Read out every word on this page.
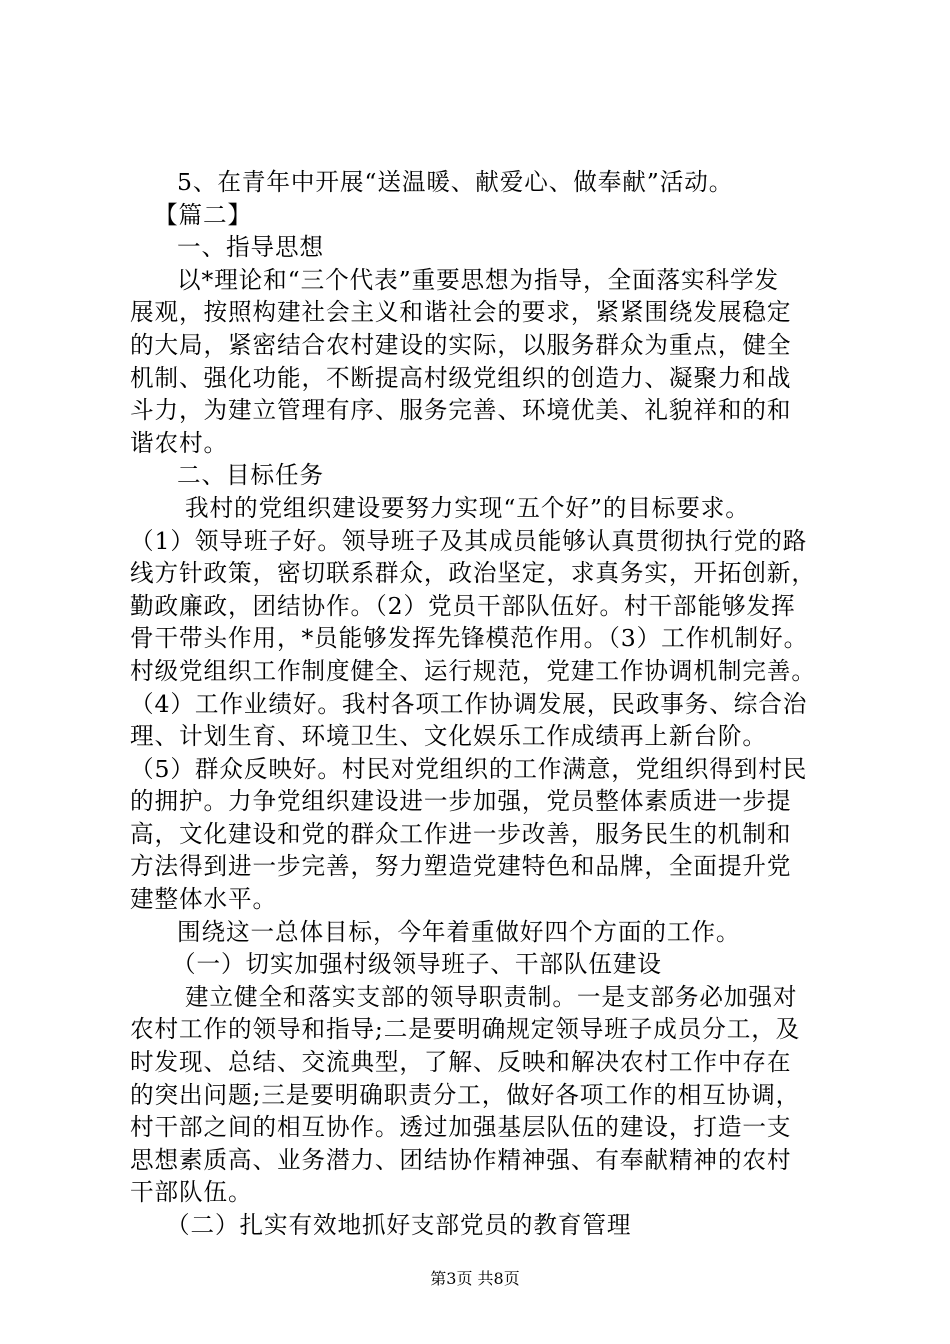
5、在青年中开展“送温暖、献爱心、做奉献”活动。
【篇二】
一、指导思想
以*理论和“三个代表”重要思想为指导，全面落实科学发
展观，按照构建社会主义和谐社会的要求，紧紧围绕发展稳定
的大局，紧密结合农村建设的实际，以服务群众为重点，健全
机制、强化功能，不断提高村级党组织的创造力、凝聚力和战
斗力，为建立管理有序、服务完善、环境优美、礼貌祥和的和
谐农村。
二、目标任务
我村的党组织建设要努力实现“五个好”的目标要求。
（1）领导班子好。领导班子及其成员能够认真贯彻执行党的路
线方针政策，密切联系群众，政治坚定，求真务实，开拓创新，
勤政廉政，团结协作。（2）党员干部队伍好。村干部能够发挥
骨干带头作用，*员能够发挥先锋模范作用。（3）工作机制好。
村级党组织工作制度健全、运行规范，党建工作协调机制完善。
（4）工作业绩好。我村各项工作协调发展，民政事务、综合治
理、计划生育、环境卫生、文化娱乐工作成绩再上新台阶。
（5）群众反映好。村民对党组织的工作满意，党组织得到村民
的拥护。力争党组织建设进一步加强，党员整体素质进一步提
高，文化建设和党的群众工作进一步改善，服务民生的机制和
方法得到进一步完善，努力塑造党建特色和品牌，全面提升党
建整体水平。
围绕这一总体目标，今年着重做好四个方面的工作。
（一）切实加强村级领导班子、干部队伍建设
建立健全和落实支部的领导职责制。一是支部务必加强对
农村工作的领导和指导;二是要明确规定领导班子成员分工，及
时发现、总结、交流典型，了解、反映和解决农村工作中存在
的突出问题;三是要明确职责分工，做好各项工作的相互协调，
村干部之间的相互协作。透过加强基层队伍的建设，打造一支
思想素质高、业务潜力、团结协作精神强、有奉献精神的农村
干部队伍。
（二）扎实有效地抓好支部党员的教育管理
第3页 共8页
